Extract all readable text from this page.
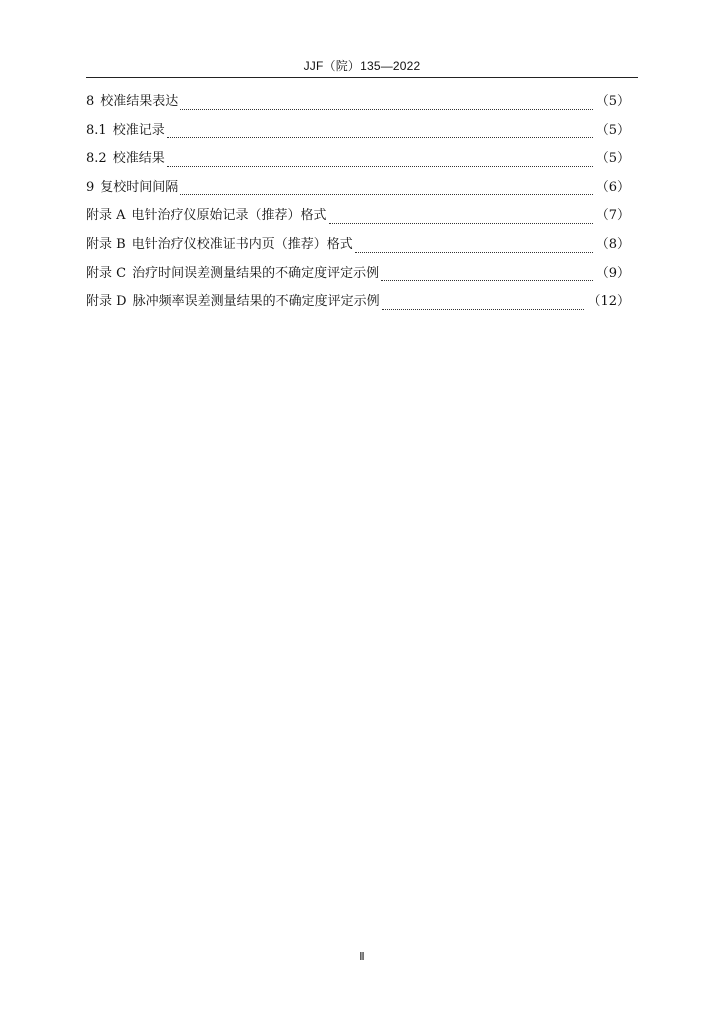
JJF（院）135—2022
8 校准结果表达	（5）
8.1 校准记录	（5）
8.2 校准结果	（5）
9 复校时间间隔	（6）
附录 A 电针治疗仪原始记录（推荐）格式	（7）
附录 B 电针治疗仪校准证书内页（推荐）格式	（8）
附录 C 治疗时间误差测量结果的不确定度评定示例	（9）
附录 D 脉冲频率误差测量结果的不确定度评定示例	（12）
Ⅱ
